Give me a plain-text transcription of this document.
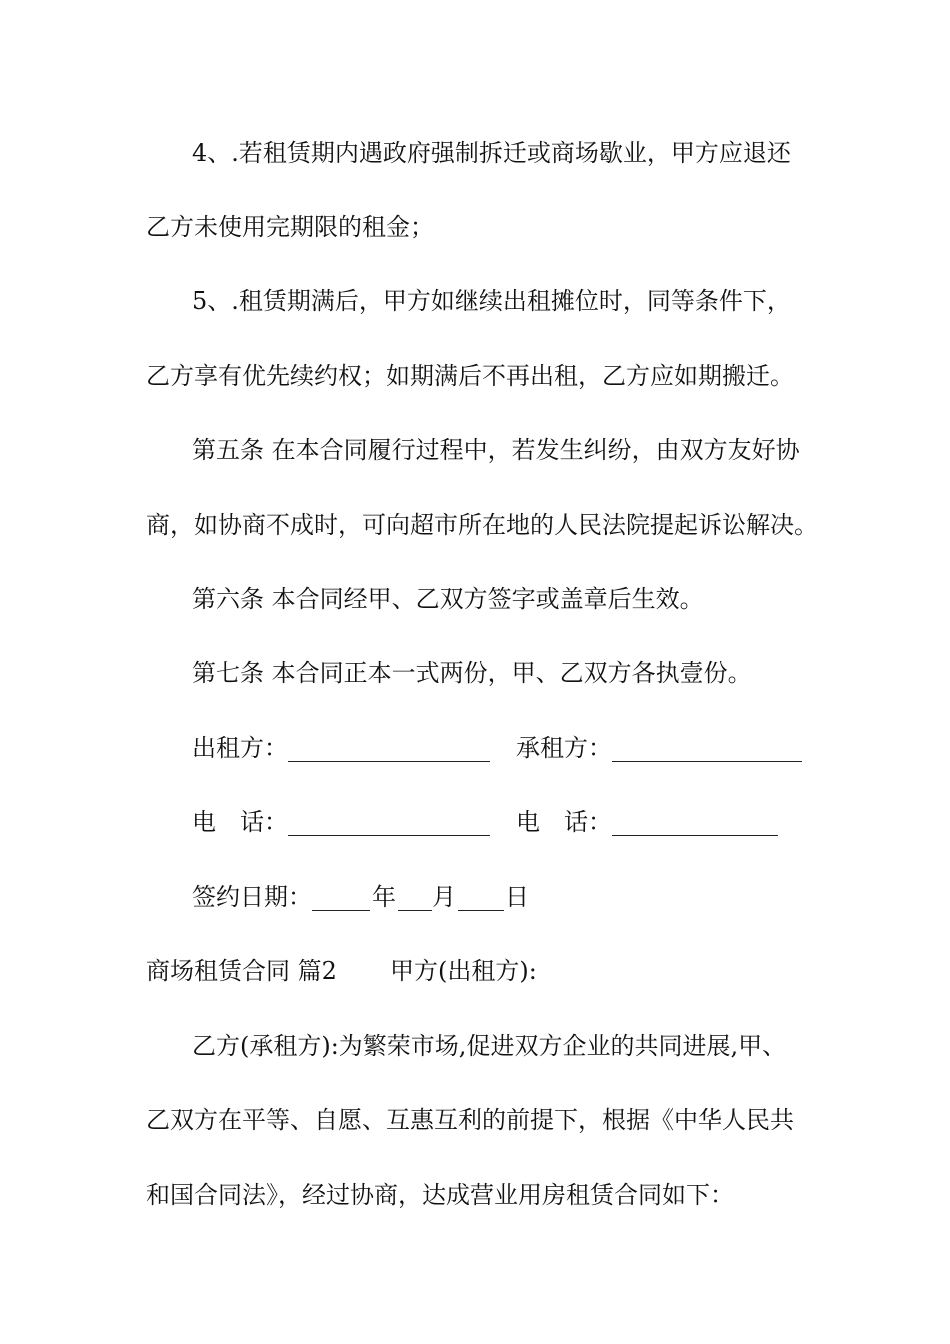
4、.若租赁期内遇政府强制拆迁或商场歇业，甲方应退还
乙方未使用完期限的租金；
5、.租赁期满后，甲方如继续出租摊位时，同等条件下，
乙方享有优先续约权；如期满后不再出租，乙方应如期搬迁。
第五条 在本合同履行过程中，若发生纠纷，由双方友好协
商，如协商不成时，可向超市所在地的人民法院提起诉讼解决。
第六条 本合同经甲、乙双方签字或盖章后生效。
第七条 本合同正本一式两份，甲、乙双方各执壹份。
出租方：	承租方：
电　话：	电　话：
签约日期：	年 月 日
商场租赁合同 篇2 甲方(出租方):
乙方(承租方):为繁荣市场,促进双方企业的共同进展,甲、
乙双方在平等、自愿、互惠互利的前提下，根据《中华人民共
和国合同法》，经过协商，达成营业用房租赁合同如下：
